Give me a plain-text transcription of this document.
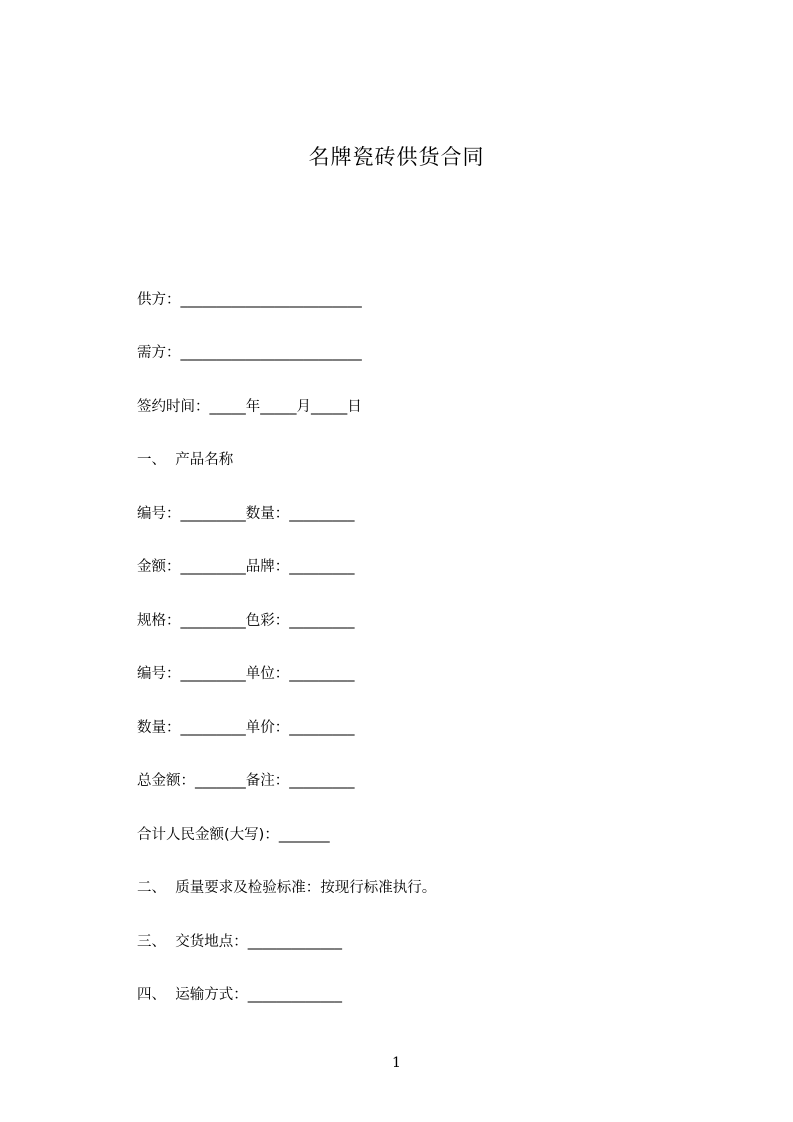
名牌瓷砖供货合同
供方：_________________________
需方：_________________________
签约时间：_____年_____月_____日
一、  产品名称
编号：_________数量：_________
金额：_________品牌：_________
规格：_________色彩：_________
编号：_________单位：_________
数量：_________单价：_________
总金额：_______备注：_________
合计人民金额(大写)：_______
二、  质量要求及检验标准：按现行标准执行。
三、  交货地点：_____________
四、  运输方式：_____________
1
